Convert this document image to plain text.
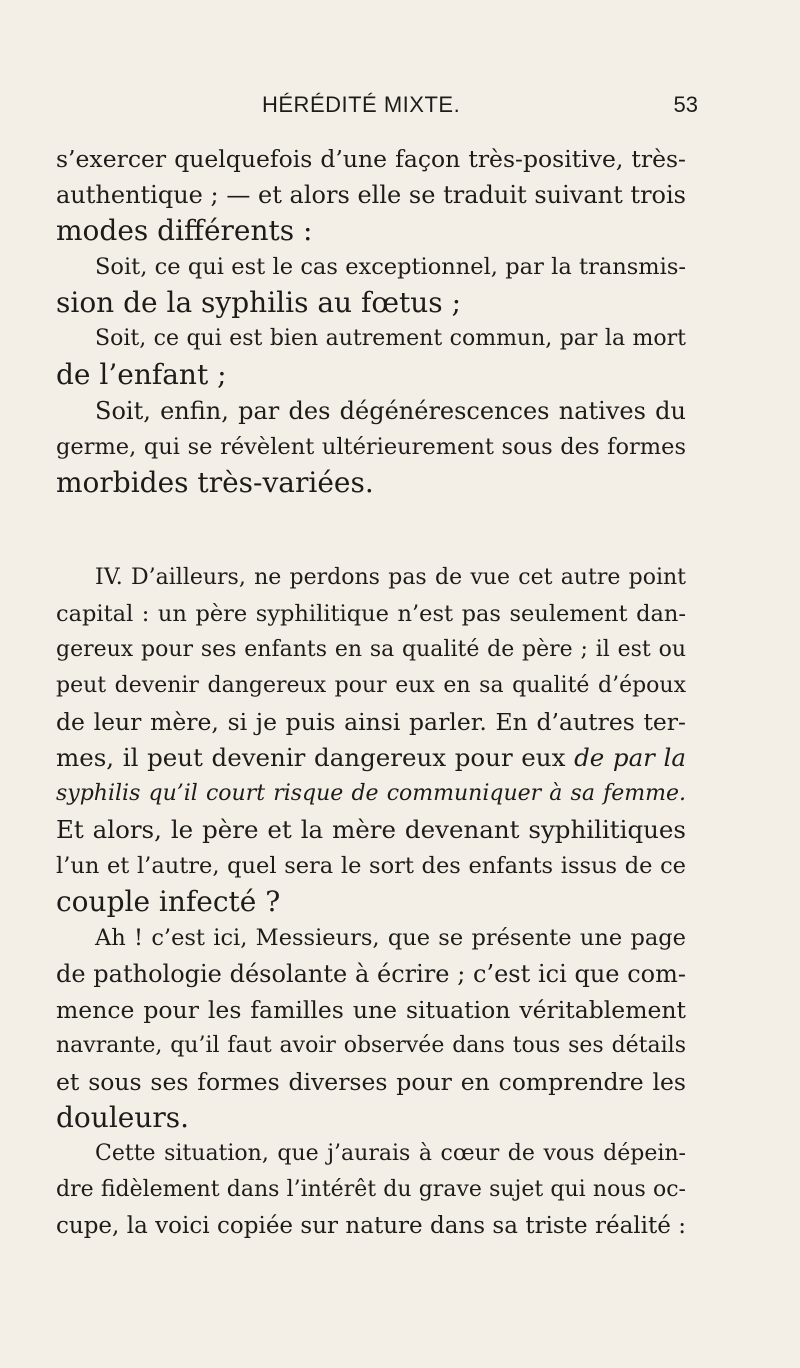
HÉRÉDITÉ MIXTE.	53
s’exercer quelquefois d’une façon très-positive, très-
authentique ; — et alors elle se traduit suivant trois
modes différents :
Soit, ce qui est le cas exceptionnel, par la transmis-
sion de la syphilis au fœtus ;
Soit, ce qui est bien autrement commun, par la mort
de l’enfant ;
Soit, enfin, par des dégénérescences natives du
germe, qui se révèlent ultérieurement sous des formes
morbides très-variées.
IV. D’ailleurs, ne perdons pas de vue cet autre point
capital : un père syphilitique n’est pas seulement dan-
gereux pour ses enfants en sa qualité de père ; il est ou
peut devenir dangereux pour eux en sa qualité d’époux
de leur mère, si je puis ainsi parler. En d’autres ter-
mes, il peut devenir dangereux pour eux de par la
syphilis qu’il court risque de communiquer à sa femme.
Et alors, le père et la mère devenant syphilitiques
l’un et l’autre, quel sera le sort des enfants issus de ce
couple infecté ?
Ah ! c’est ici, Messieurs, que se présente une page
de pathologie désolante à écrire ; c’est ici que com-
mence pour les familles une situation véritablement
navrante, qu’il faut avoir observée dans tous ses détails
et sous ses formes diverses pour en comprendre les
douleurs.
Cette situation, que j’aurais à cœur de vous dépein-
dre fidèlement dans l’intérêt du grave sujet qui nous oc-
cupe, la voici copiée sur nature dans sa triste réalité :
